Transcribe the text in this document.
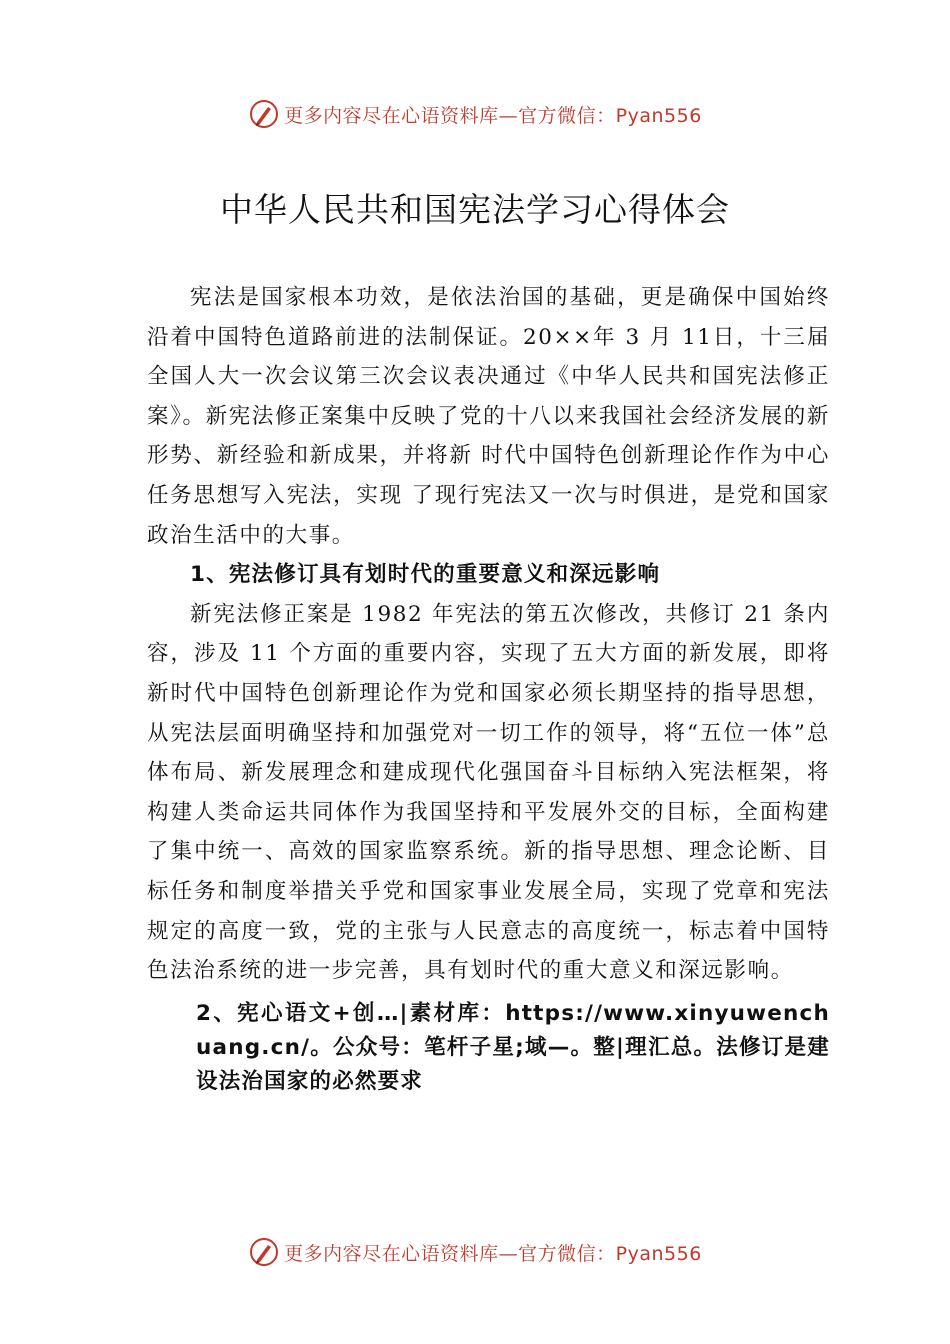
更多内容尽在心语资料库—官方微信：Pyan556
中华人民共和国宪法学习心得体会

宪法是国家根本功效，是依法治国的基础，更是确保中国始终沿着中国特色道路前进的法制保证。20××年 3 月 11日，十三届全国人大一次会议第三次会议表决通过《中华人民共和国宪法修正案》。新宪法修正案集中反映了党的十八以来我国社会经济发展的新形势、新经验和新成果，并将新 时代中国特色创新理论作作为中心任务思想写入宪法，实现 了现行宪法又一次与时俱进，是党和国家政治生活中的大事。

1、宪法修订具有划时代的重要意义和深远影响

新宪法修正案是 1982 年宪法的第五次修改，共修订 21 条内容，涉及 11 个方面的重要内容，实现了五大方面的新发展，即将新时代中国特色创新理论作为党和国家必须长期坚持的指导思想，从宪法层面明确坚持和加强党对一切工作的领导，将“五位一体”总体布局、新发展理念和建成现代化强国奋斗目标纳入宪法框架，将构建人类命运共同体作为我国坚持和平发展外交的目标，全面构建了集中统一、高效的国家监察系统。新的指导思想、理念论断、目标任务和制度举措关乎党和国家事业发展全局，实现了党章和宪法规定的高度一致，党的主张与人民意志的高度统一，标志着中国特色法治系统的进一步完善，具有划时代的重大意义和深远影响。

2、宪心语文+创…|素材库：https://www.xinyuwenchuang.cn/。公众号：笔杆子星;域—。整|理汇总。法修订是建设法治国家的必然要求
更多内容尽在心语资料库—官方微信：Pyan556
